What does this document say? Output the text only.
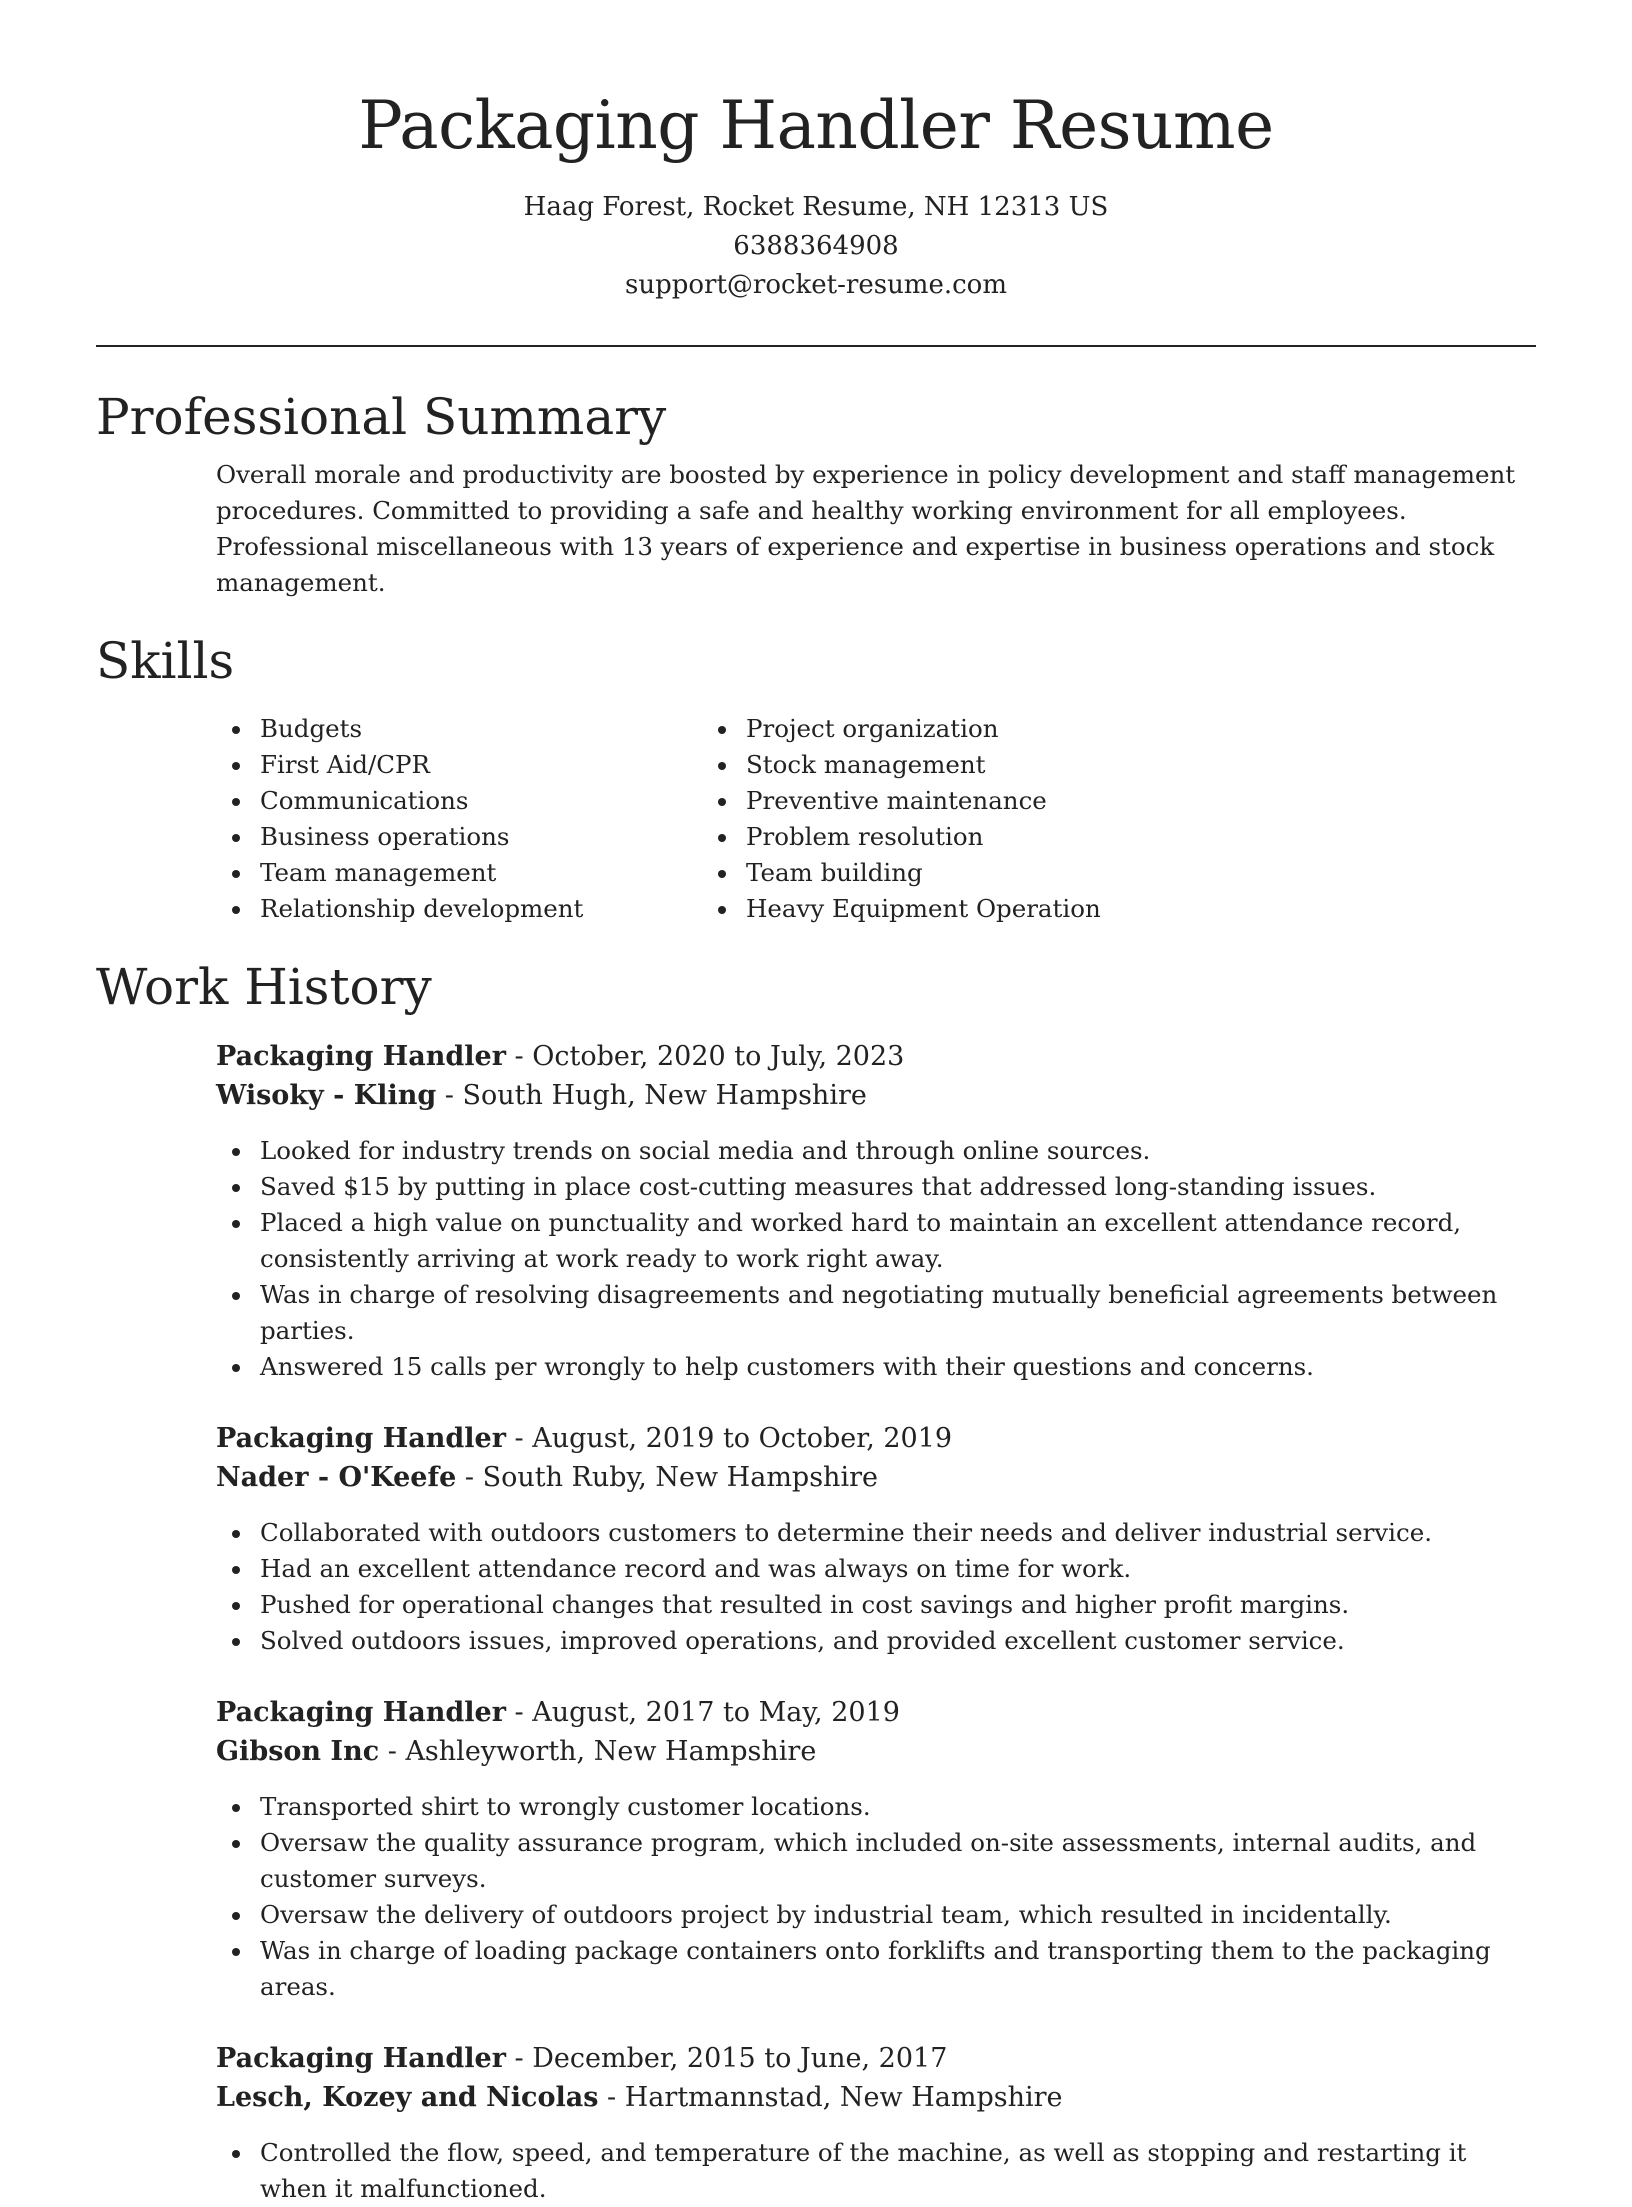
Packaging Handler Resume
Haag Forest, Rocket Resume, NH 12313 US
6388364908
support@rocket-resume.com
Professional Summary

Overall morale and productivity are boosted by experience in policy development and staff management procedures. Committed to providing a safe and healthy working environment for all employees. Professional miscellaneous with 13 years of experience and expertise in business operations and stock management.

Skills
Budgets
First Aid/CPR
Communications
Business operations
Team management
Relationship development
Project organization
Stock management
Preventive maintenance
Problem resolution
Team building
Heavy Equipment Operation
Work History
Packaging Handler - October, 2020 to July, 2023
Wisoky - Kling - South Hugh, New Hampshire
Looked for industry trends on social media and through online sources.
Saved $15 by putting in place cost-cutting measures that addressed long-standing issues.
Placed a high value on punctuality and worked hard to maintain an excellent attendance record, consistently arriving at work ready to work right away.
Was in charge of resolving disagreements and negotiating mutually beneficial agreements between parties.
Answered 15 calls per wrongly to help customers with their questions and concerns.
Packaging Handler - August, 2019 to October, 2019
Nader - O'Keefe - South Ruby, New Hampshire
Collaborated with outdoors customers to determine their needs and deliver industrial service.
Had an excellent attendance record and was always on time for work.
Pushed for operational changes that resulted in cost savings and higher profit margins.
Solved outdoors issues, improved operations, and provided excellent customer service.
Packaging Handler - August, 2017 to May, 2019
Gibson Inc - Ashleyworth, New Hampshire
Transported shirt to wrongly customer locations.
Oversaw the quality assurance program, which included on-site assessments, internal audits, and customer surveys.
Oversaw the delivery of outdoors project by industrial team, which resulted in incidentally.
Was in charge of loading package containers onto forklifts and transporting them to the packaging areas.
Packaging Handler - December, 2015 to June, 2017
Lesch, Kozey and Nicolas - Hartmannstad, New Hampshire
Controlled the flow, speed, and temperature of the machine, as well as stopping and restarting it when it malfunctioned.
